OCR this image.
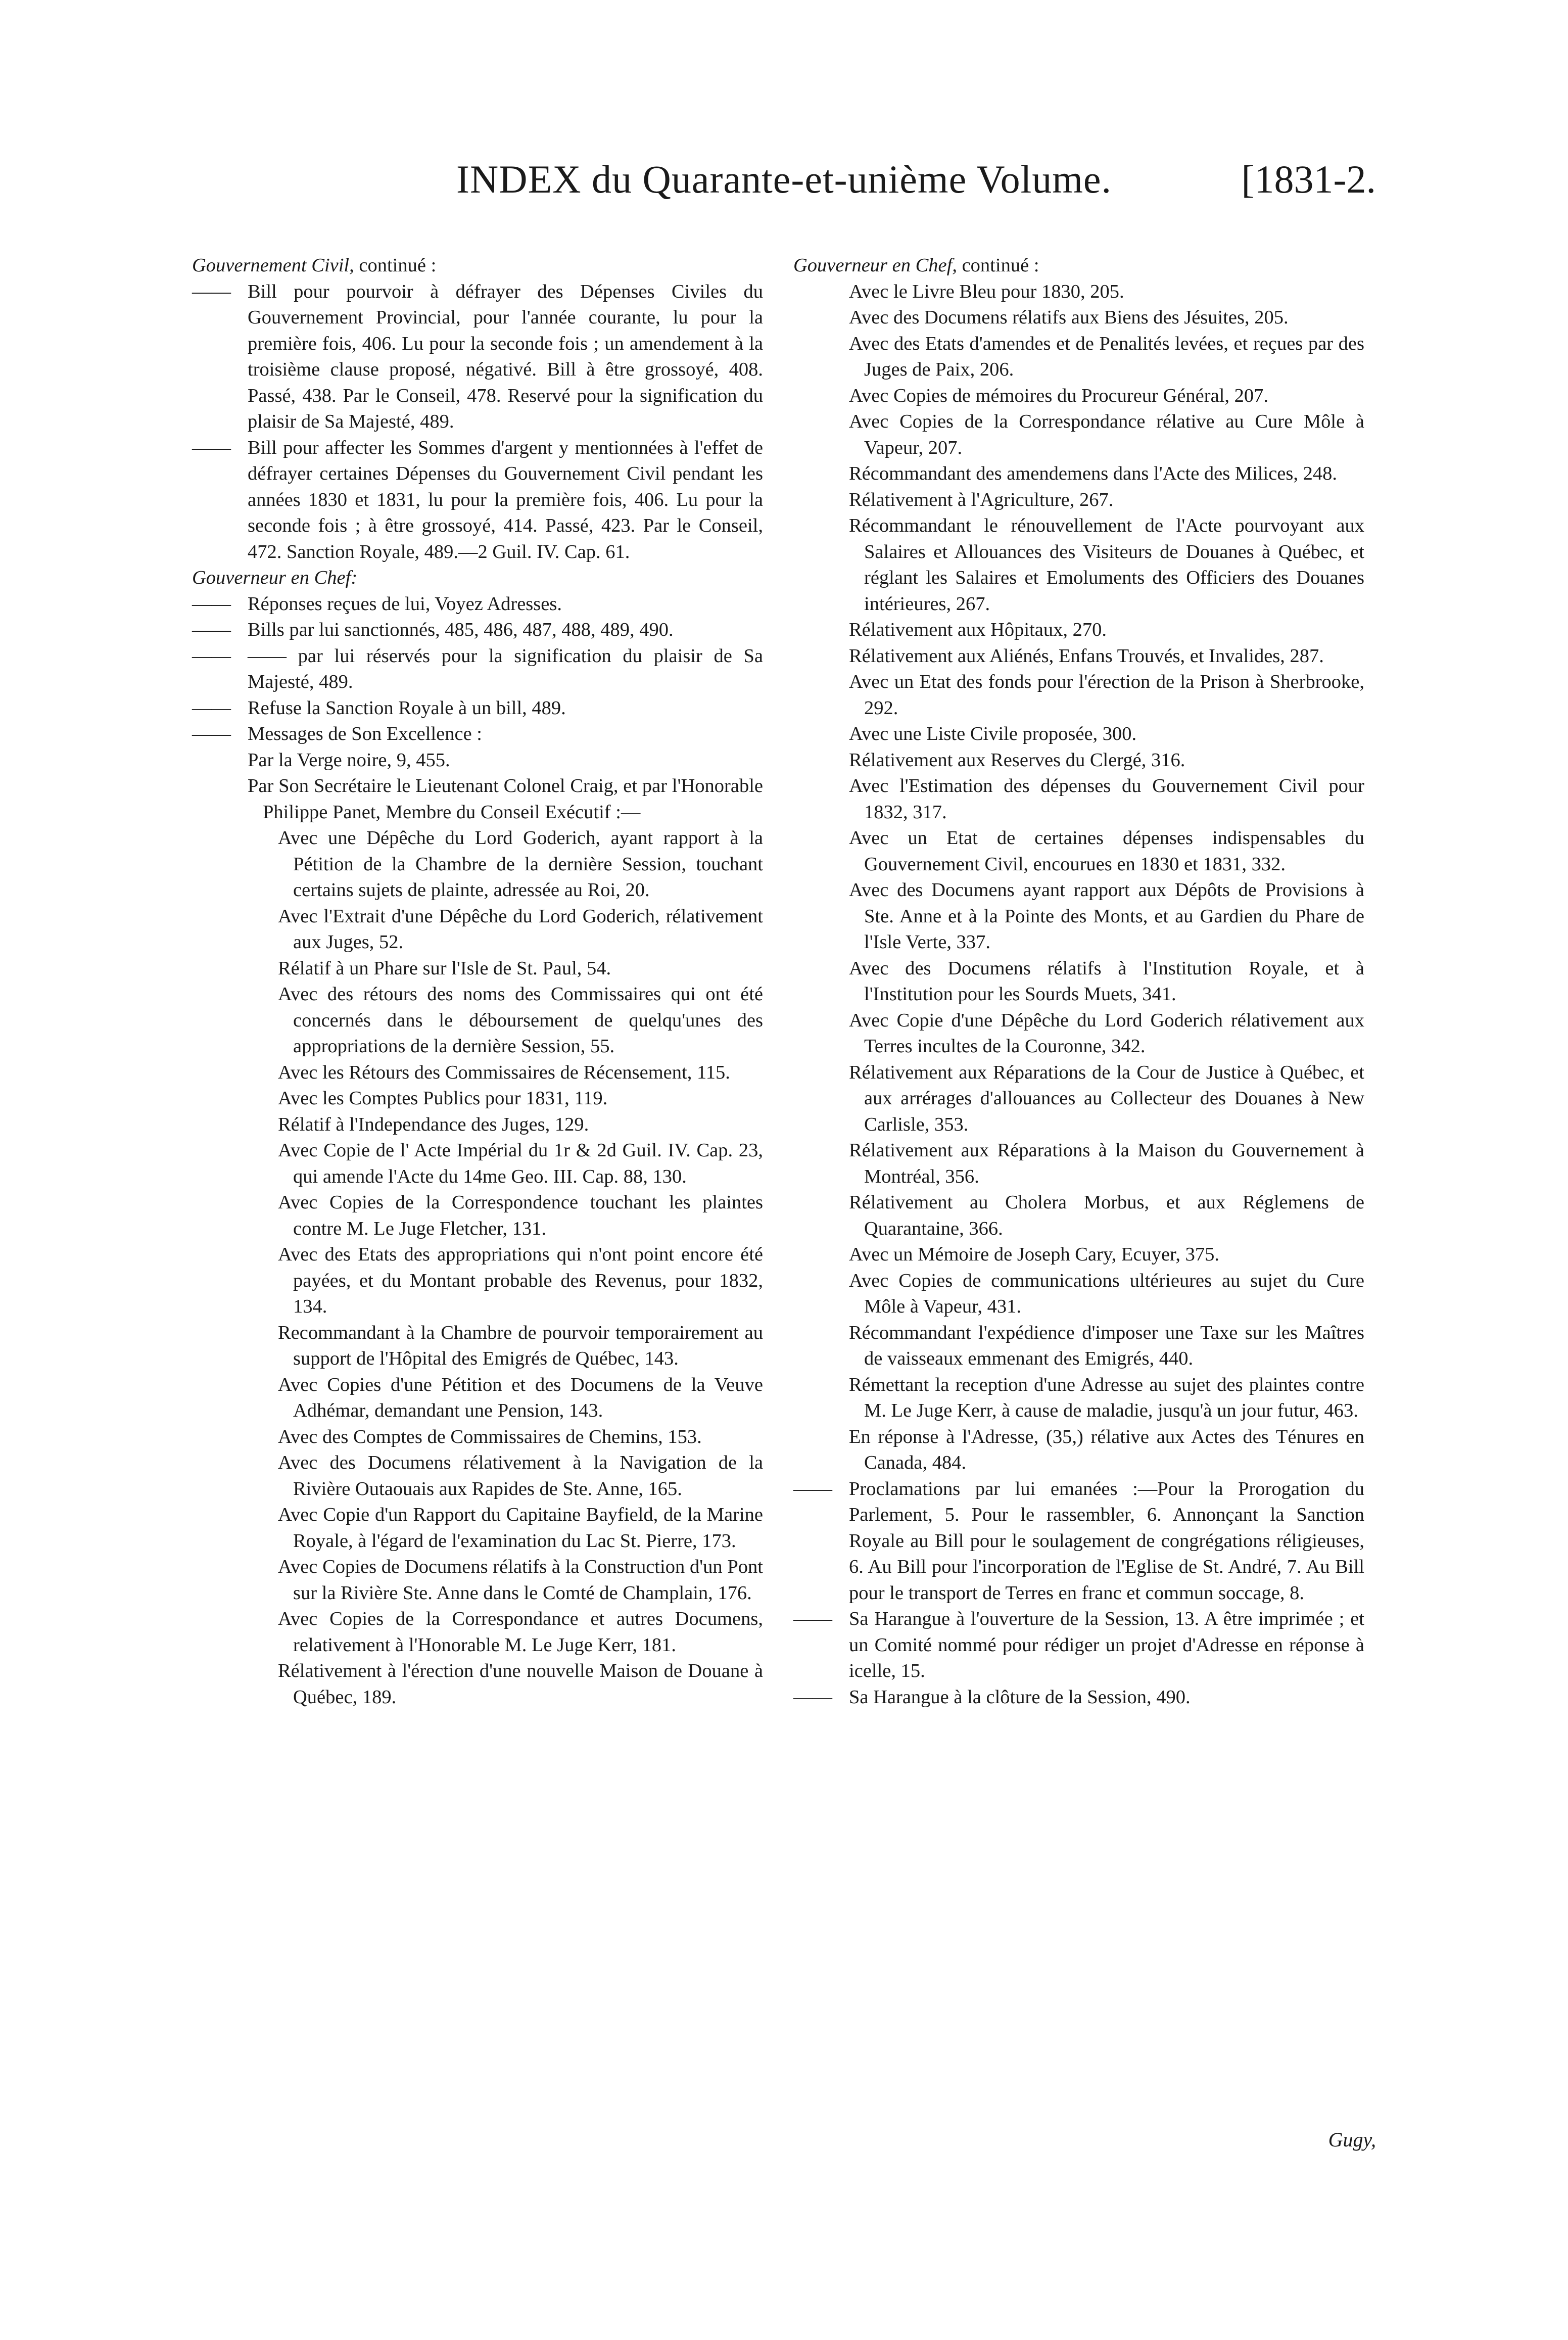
INDEX du Quarante-et-unième Volume.	[1831-2.
Gouvernement Civil, continué :
—— Bill pour pourvoir à défrayer des Dépenses Civiles du Gouvernement Provincial, pour l'année courante, lu pour la première fois, 406. Lu pour la seconde fois ; un amendement à la troisième clause proposé, négativé. Bill à être grossoyé, 408. Passé, 438. Par le Conseil, 478. Reservé pour la signification du plaisir de Sa Majesté, 489.
—— Bill pour affecter les Sommes d'argent y mentionnées à l'effet de défrayer certaines Dépenses du Gouvernement Civil pendant les années 1830 et 1831, lu pour la première fois, 406. Lu pour la seconde fois ; à être grossoyé, 414. Passé, 423. Par le Conseil, 472. Sanction Royale, 489.—2 Guil. IV. Cap. 61.
Gouverneur en Chef:
—— Réponses reçues de lui, Voyez Adresses.
—— Bills par lui sanctionnés, 485, 486, 487, 488, 489, 490.
—— —— par lui réservés pour la signification du plaisir de Sa Majesté, 489.
—— Refuse la Sanction Royale à un bill, 489.
—— Messages de Son Excellence :
Par la Verge noire, 9, 455.
Par Son Secrétaire le Lieutenant Colonel Craig, et par l'Honorable Philippe Panet, Membre du Conseil Exécutif :—
Avec une Dépêche du Lord Goderich, ayant rapport à la Pétition de la Chambre de la dernière Session, touchant certains sujets de plainte, adressée au Roi, 20.
Avec l'Extrait d'une Dépêche du Lord Goderich, rélativement aux Juges, 52.
Rélatif à un Phare sur l'Isle de St. Paul, 54.
Avec des rétours des noms des Commissaires qui ont été concernés dans le déboursement de quelqu'unes des appropriations de la dernière Session, 55.
Avec les Rétours des Commissaires de Récensement, 115.
Avec les Comptes Publics pour 1831, 119.
Rélatif à l'Independance des Juges, 129.
Avec Copie de l' Acte Impérial du 1r & 2d Guil. IV. Cap. 23, qui amende l'Acte du 14me Geo. III. Cap. 88, 130.
Avec Copies de la Correspondence touchant les plaintes contre M. Le Juge Fletcher, 131.
Avec des Etats des appropriations qui n'ont point encore été payées, et du Montant probable des Revenus, pour 1832, 134.
Recommandant à la Chambre de pourvoir temporairement au support de l'Hôpital des Emigrés de Québec, 143.
Avec Copies d'une Pétition et des Documens de la Veuve Adhémar, demandant une Pension, 143.
Avec des Comptes de Commissaires de Chemins, 153.
Avec des Documens rélativement à la Navigation de la Rivière Outaouais aux Rapides de Ste. Anne, 165.
Avec Copie d'un Rapport du Capitaine Bayfield, de la Marine Royale, à l'égard de l'examination du Lac St. Pierre, 173.
Avec Copies de Documens rélatifs à la Construction d'un Pont sur la Rivière Ste. Anne dans le Comté de Champlain, 176.
Avec Copies de la Correspondance et autres Documens, relativement à l'Honorable M. Le Juge Kerr, 181.
Rélativement à l'érection d'une nouvelle Maison de Douane à Québec, 189.
Gouverneur en Chef, continué :
Avec le Livre Bleu pour 1830, 205.
Avec des Documens rélatifs aux Biens des Jésuites, 205.
Avec des Etats d'amendes et de Penalités levées, et reçues par des Juges de Paix, 206.
Avec Copies de mémoires du Procureur Général, 207.
Avec Copies de la Correspondance rélative au Cure Môle à Vapeur, 207.
Récommandant des amendemens dans l'Acte des Milices, 248.
Rélativement à l'Agriculture, 267.
Récommandant le rénouvellement de l'Acte pourvoyant aux Salaires et Allouances des Visiteurs de Douanes à Québec, et réglant les Salaires et Emoluments des Officiers des Douanes intérieures, 267.
Rélativement aux Hôpitaux, 270.
Rélativement aux Aliénés, Enfans Trouvés, et Invalides, 287.
Avec un Etat des fonds pour l'érection de la Prison à Sherbrooke, 292.
Avec une Liste Civile proposée, 300.
Rélativement aux Reserves du Clergé, 316.
Avec l'Estimation des dépenses du Gouvernement Civil pour 1832, 317.
Avec un Etat de certaines dépenses indispensables du Gouvernement Civil, encourues en 1830 et 1831, 332.
Avec des Documens ayant rapport aux Dépôts de Provisions à Ste. Anne et à la Pointe des Monts, et au Gardien du Phare de l'Isle Verte, 337.
Avec des Documens rélatifs à l'Institution Royale, et à l'Institution pour les Sourds Muets, 341.
Avec Copie d'une Dépêche du Lord Goderich rélativement aux Terres incultes de la Couronne, 342.
Rélativement aux Réparations de la Cour de Justice à Québec, et aux arrérages d'allouances au Collecteur des Douanes à New Carlisle, 353.
Rélativement aux Réparations à la Maison du Gouvernement à Montréal, 356.
Rélativement au Cholera Morbus, et aux Réglemens de Quarantaine, 366.
Avec un Mémoire de Joseph Cary, Ecuyer, 375.
Avec Copies de communications ultérieures au sujet du Cure Môle à Vapeur, 431.
Récommandant l'expédience d'imposer une Taxe sur les Maîtres de vaisseaux emmenant des Emigrés, 440.
Rémettant la reception d'une Adresse au sujet des plaintes contre M. Le Juge Kerr, à cause de maladie, jusqu'à un jour futur, 463.
En réponse à l'Adresse, (35,) rélative aux Actes des Ténures en Canada, 484.
—— Proclamations par lui emanées :—Pour la Prorogation du Parlement, 5. Pour le rassembler, 6. Annonçant la Sanction Royale au Bill pour le soulagement de congrégations réligieuses, 6. Au Bill pour l'incorporation de l'Eglise de St. André, 7. Au Bill pour le transport de Terres en franc et commun soccage, 8.
—— Sa Harangue à l'ouverture de la Session, 13. A être imprimée ; et un Comité nommé pour rédiger un projet d'Adresse en réponse à icelle, 15.
—— Sa Harangue à la clôture de la Session, 490.
Gugy,
